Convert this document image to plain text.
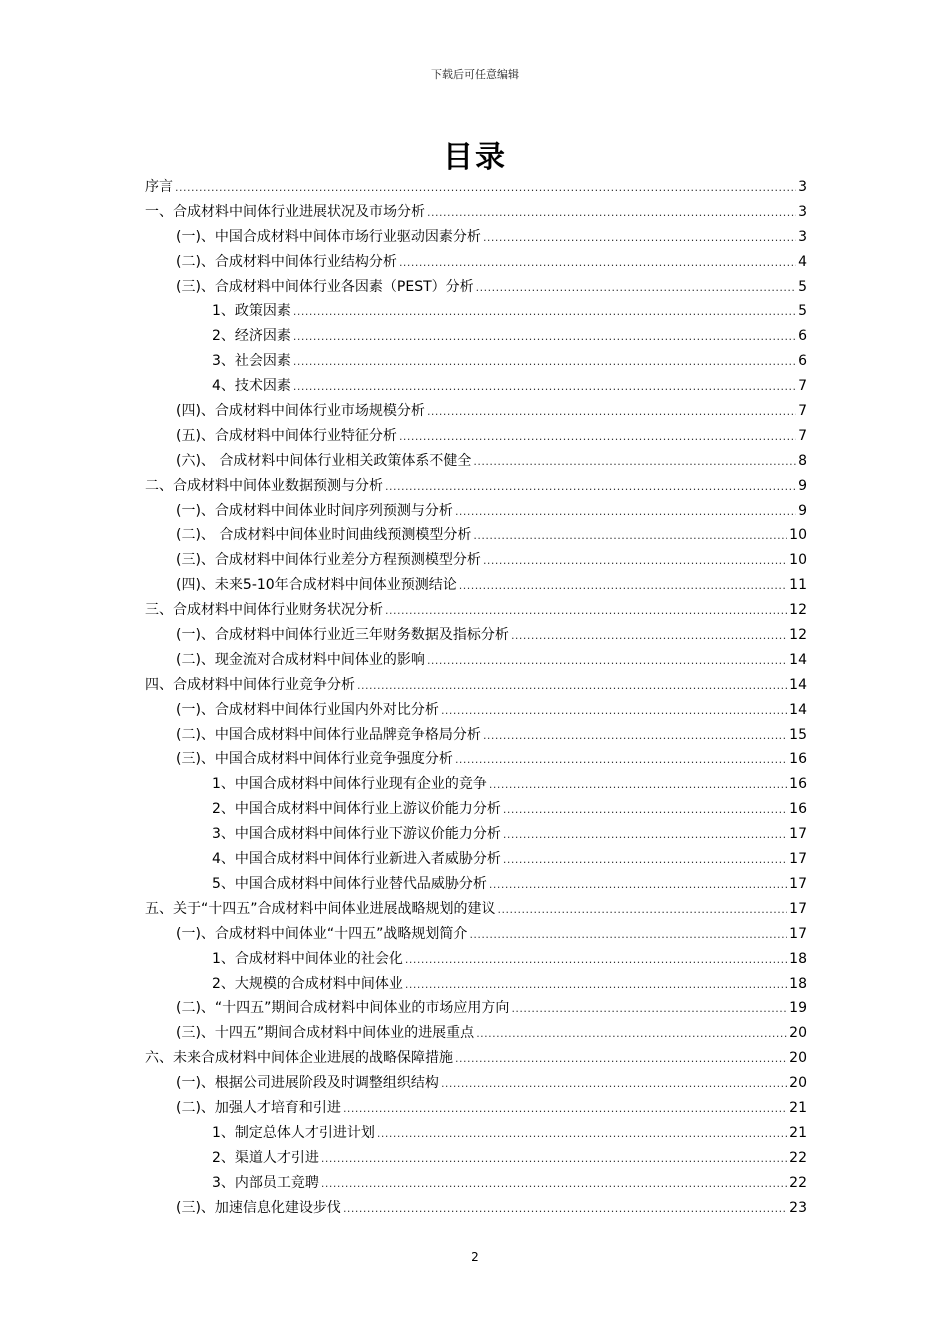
下载后可任意编辑
目录
序言 .....	3
一、合成材料中间体行业进展状况及市场分析 .....	3
(一)、中国合成材料中间体市场行业驱动因素分析 .....	3
(二)、合成材料中间体行业结构分析 .....	4
(三)、合成材料中间体行业各因素（PEST）分析 .....	5
1、政策因素 .....	5
2、经济因素 .....	6
3、社会因素 .....	6
4、技术因素 .....	7
(四)、合成材料中间体行业市场规模分析 .....	7
(五)、合成材料中间体行业特征分析 .....	7
(六)、 合成材料中间体行业相关政策体系不健全 .....	8
二、合成材料中间体业数据预测与分析 .....	9
(一)、合成材料中间体业时间序列预测与分析 .....	9
(二)、 合成材料中间体业时间曲线预测模型分析 .....	10
(三)、合成材料中间体行业差分方程预测模型分析 .....	10
(四)、未来5-10年合成材料中间体业预测结论 .....	11
三、合成材料中间体行业财务状况分析 .....	12
(一)、合成材料中间体行业近三年财务数据及指标分析 .....	12
(二)、现金流对合成材料中间体业的影响 .....	14
四、合成材料中间体行业竞争分析 .....	14
(一)、合成材料中间体行业国内外对比分析 .....	14
(二)、中国合成材料中间体行业品牌竞争格局分析 .....	15
(三)、中国合成材料中间体行业竞争强度分析 .....	16
1、中国合成材料中间体行业现有企业的竞争 .....	16
2、中国合成材料中间体行业上游议价能力分析 .....	16
3、中国合成材料中间体行业下游议价能力分析 .....	17
4、中国合成材料中间体行业新进入者威胁分析 .....	17
5、中国合成材料中间体行业替代品威胁分析 .....	17
五、关于“十四五”合成材料中间体业进展战略规划的建议 .....	17
(一)、合成材料中间体业“十四五”战略规划简介 .....	17
1、合成材料中间体业的社会化 .....	18
2、大规模的合成材料中间体业 .....	18
(二)、“十四五”期间合成材料中间体业的市场应用方向 .....	19
(三)、十四五”期间合成材料中间体业的进展重点 .....	20
六、未来合成材料中间体企业进展的战略保障措施 .....	20
(一)、根据公司进展阶段及时调整组织结构 .....	20
(二)、加强人才培育和引进 .....	21
1、制定总体人才引进计划 .....	21
2、渠道人才引进 .....	22
3、内部员工竞聘 .....	22
(三)、加速信息化建设步伐 .....	23
2
